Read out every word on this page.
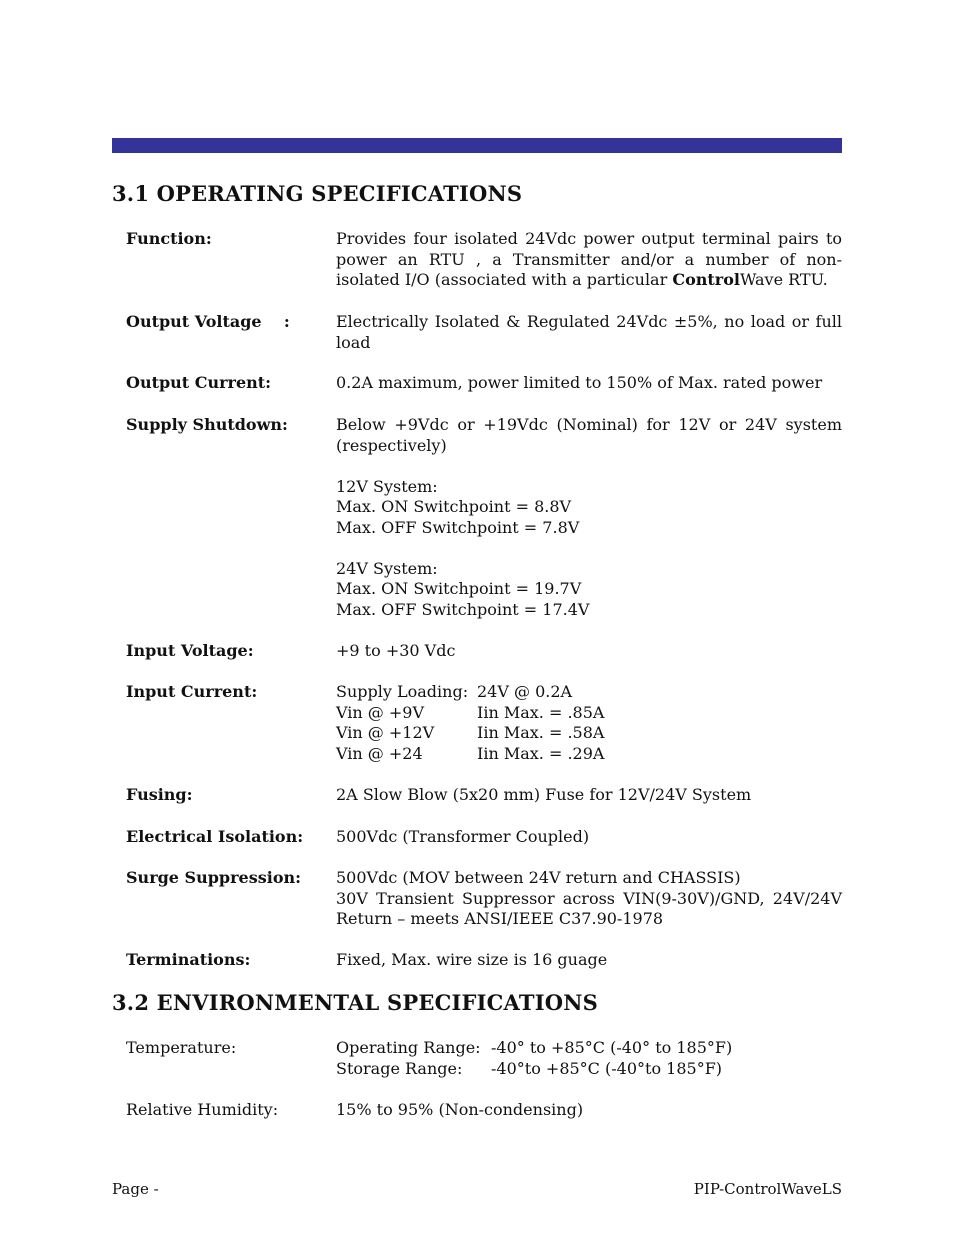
3.1 OPERATING SPECIFICATIONS
Function:	Provides four isolated 24Vdc power output terminal pairs to power an RTU , a Transmitter and/or a number of non-isolated I/O (associated with a particular ControlWave RTU.
Output Voltage    :	Electrically Isolated & Regulated 24Vdc ±5%, no load or full load
Output Current:	0.2A maximum, power limited to 150% of Max. rated power
Supply Shutdown:	Below +9Vdc or +19Vdc (Nominal) for 12V or 24V system (respectively)
12V System:
Max. ON Switchpoint = 8.8V
Max. OFF Switchpoint = 7.8V
24V System:
Max. ON Switchpoint = 19.7V
Max. OFF Switchpoint = 17.4V
Input Voltage:	+9 to +30 Vdc
Input Current:	Supply Loading: 24V @ 0.2A
Vin @ +9V	Iin Max. = .85A
Vin @ +12V	Iin Max. = .58A
Vin @ +24	Iin Max. = .29A
Fusing:	2A Slow Blow (5x20 mm) Fuse for 12V/24V System
Electrical Isolation:	500Vdc (Transformer Coupled)
Surge Suppression:	500Vdc (MOV between 24V return and CHASSIS)
30V Transient Suppressor across VIN(9-30V)/GND, 24V/24V Return – meets ANSI/IEEE C37.90-1978
Terminations:	Fixed, Max. wire size is 16 guage
3.2 ENVIRONMENTAL SPECIFICATIONS
Temperature:	Operating Range: -40° to +85°C (-40° to 185°F)
Storage Range: -40°to +85°C (-40°to 185°F)
Relative Humidity:	15% to 95% (Non-condensing)
Page -	PIP-ControlWaveLS
